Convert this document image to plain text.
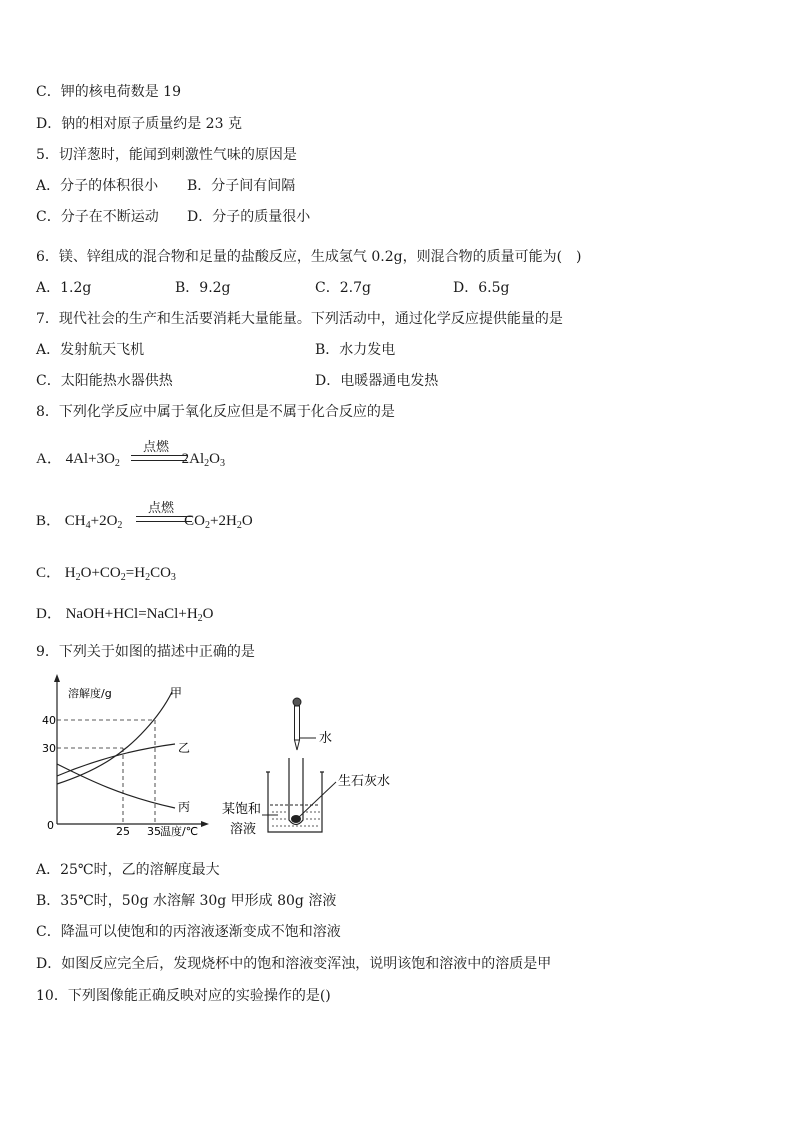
C．钾的核电荷数是 19
D．钠的相对原子质量约是 23 克
5．切洋葱时，能闻到刺激性气味的原因是
A．分子的体积很小 B．分子间有间隔
C．分子在不断运动 D．分子的质量很小
6．镁、锌组成的混合物和足量的盐酸反应，生成氢气 0.2g，则混合物的质量可能为(　)
A．1.2g	B．9.2g	C．2.7g	D．6.5g
7．现代社会的生产和生活要消耗大量能量。下列活动中，通过化学反应提供能量的是
A．发射航天飞机	B．水力发电
C．太阳能热水器供热	D．电暖器通电发热
8．下列化学反应中属于氧化反应但是不属于化合反应的是
A． $4Al+3O_2$	$2Al_2O_3$
点燃
B． $CH_4+2O_2$	$CO_2+2H_2O$
点燃
C． $H_2O+CO_2=H_2CO_3$
D． $NaOH+HCl=NaCl+H_2O$
9．下列关于如图的描述中正确的是
溶解度/g
温度/℃
40
30
0	25 35
甲
乙
丙
水
生石灰水
某饱和
溶液
A．25℃时，乙的溶解度最大
B．35℃时，50g 水溶解 30g 甲形成 80g 溶液
C．降温可以使饱和的丙溶液逐渐变成不饱和溶液
D．如图反应完全后，发现烧杯中的饱和溶液变浑浊，说明该饱和溶液中的溶质是甲
10．下列图像能正确反映对应的实验操作的是()
